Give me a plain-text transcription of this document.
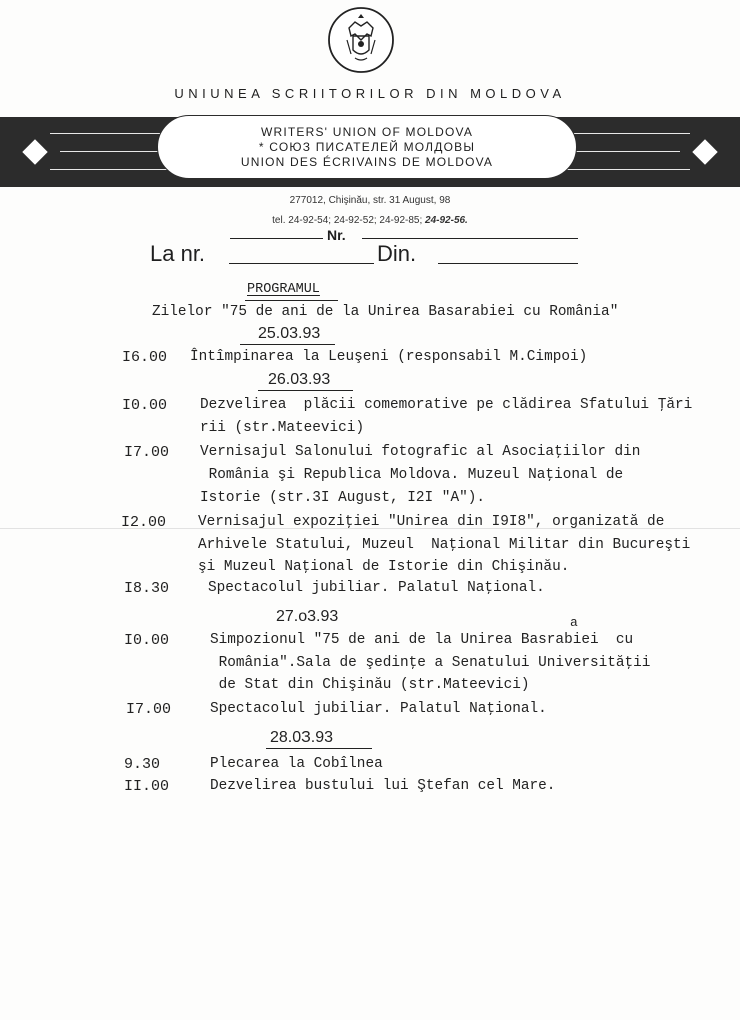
UNIUNEA SCRIITORILOR DIN MOLDOVA
WRITERS' UNION OF MOLDOVA
* СОЮЗ ПИСАТЕЛЕЙ МОЛДОВЫ
UNION DES ÉCRIVAINS DE MOLDOVA
277012, Chişinău, str. 31 August, 98
tel. 24-92-54; 24-92-52; 24-92-85; 24-92-56.
Nr.
La nr.	Din.
PROGRAMUL
Zilelor "75 de ani de la Unirea Basarabiei cu România"
25.03.93
I6.00 Întîmpinarea la Leuşeni (responsabil M.Cimpoi)
26.03.93
I0.00 Dezvelirea  plăcii comemorative pe clădirea Sfatului Ţări
rii (str.Mateevici)
I7.00 Vernisajul Salonului fotografic al Asociaţiilor din
România şi Republica Moldova. Muzeul Naţional de
Istorie (str.3I August, I2I "A").
I2.00 Vernisajul expoziţiei "Unirea din I9I8", organizată de
Arhivele Statului, Muzeul  Naţional Militar din Bucureşti
şi Muzeul Naţional de Istorie din Chişinău.
I8.30	Spectacolul jubiliar. Palatul Naţional.
27.o3.93	a
I0.00	Simpozionul "75 de ani de la Unirea Basrabiei  cu
România".Sala de şedinţe a Senatului Universităţii
de Stat din Chişinău (str.Mateevici)
I7.00	Spectacolul jubiliar. Palatul Naţional.
28.0З.93
9.30	Plecarea la Cobîlnea
II.00	Dezvelirea bustului lui Ştefan cel Mare.
